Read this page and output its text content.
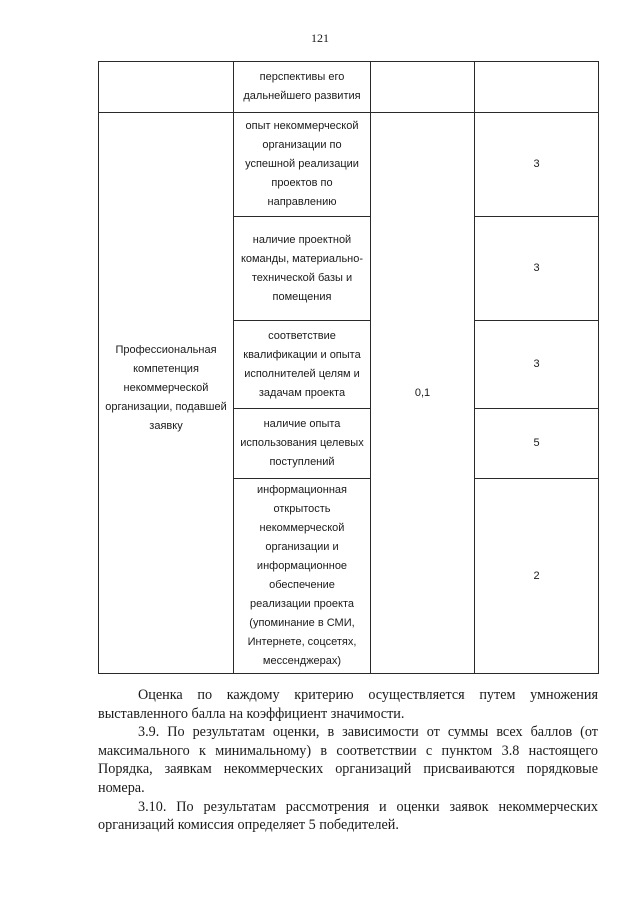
121
	перспективы его дальнейшего развития		
Профессиональная компетенция некоммерческой организации, подавшей заявку	опыт некоммерческой организации по успешной реализации проектов по направлению	0,1	3
	наличие проектной команды, материально-технической базы и помещения		3
	соответствие квалификации и опыта исполнителей целям и задачам проекта		3
	наличие опыта использования целевых поступлений		5
	информационная открытость некоммерческой организации и информационное обеспечение реализации проекта (упоминание в СМИ, Интернете, соцсетях, мессенджерах)		2

Оценка по каждому критерию осуществляется путем умножения выставленного балла на коэффициент значимости.

3.9. По результатам оценки, в зависимости от суммы всех баллов (от максимального к минимальному) в соответствии с пунктом 3.8 настоящего Порядка, заявкам некоммерческих организаций присваиваются порядковые номера.

3.10. По результатам рассмотрения и оценки заявок некоммерческих организаций комиссия определяет 5 победителей.
